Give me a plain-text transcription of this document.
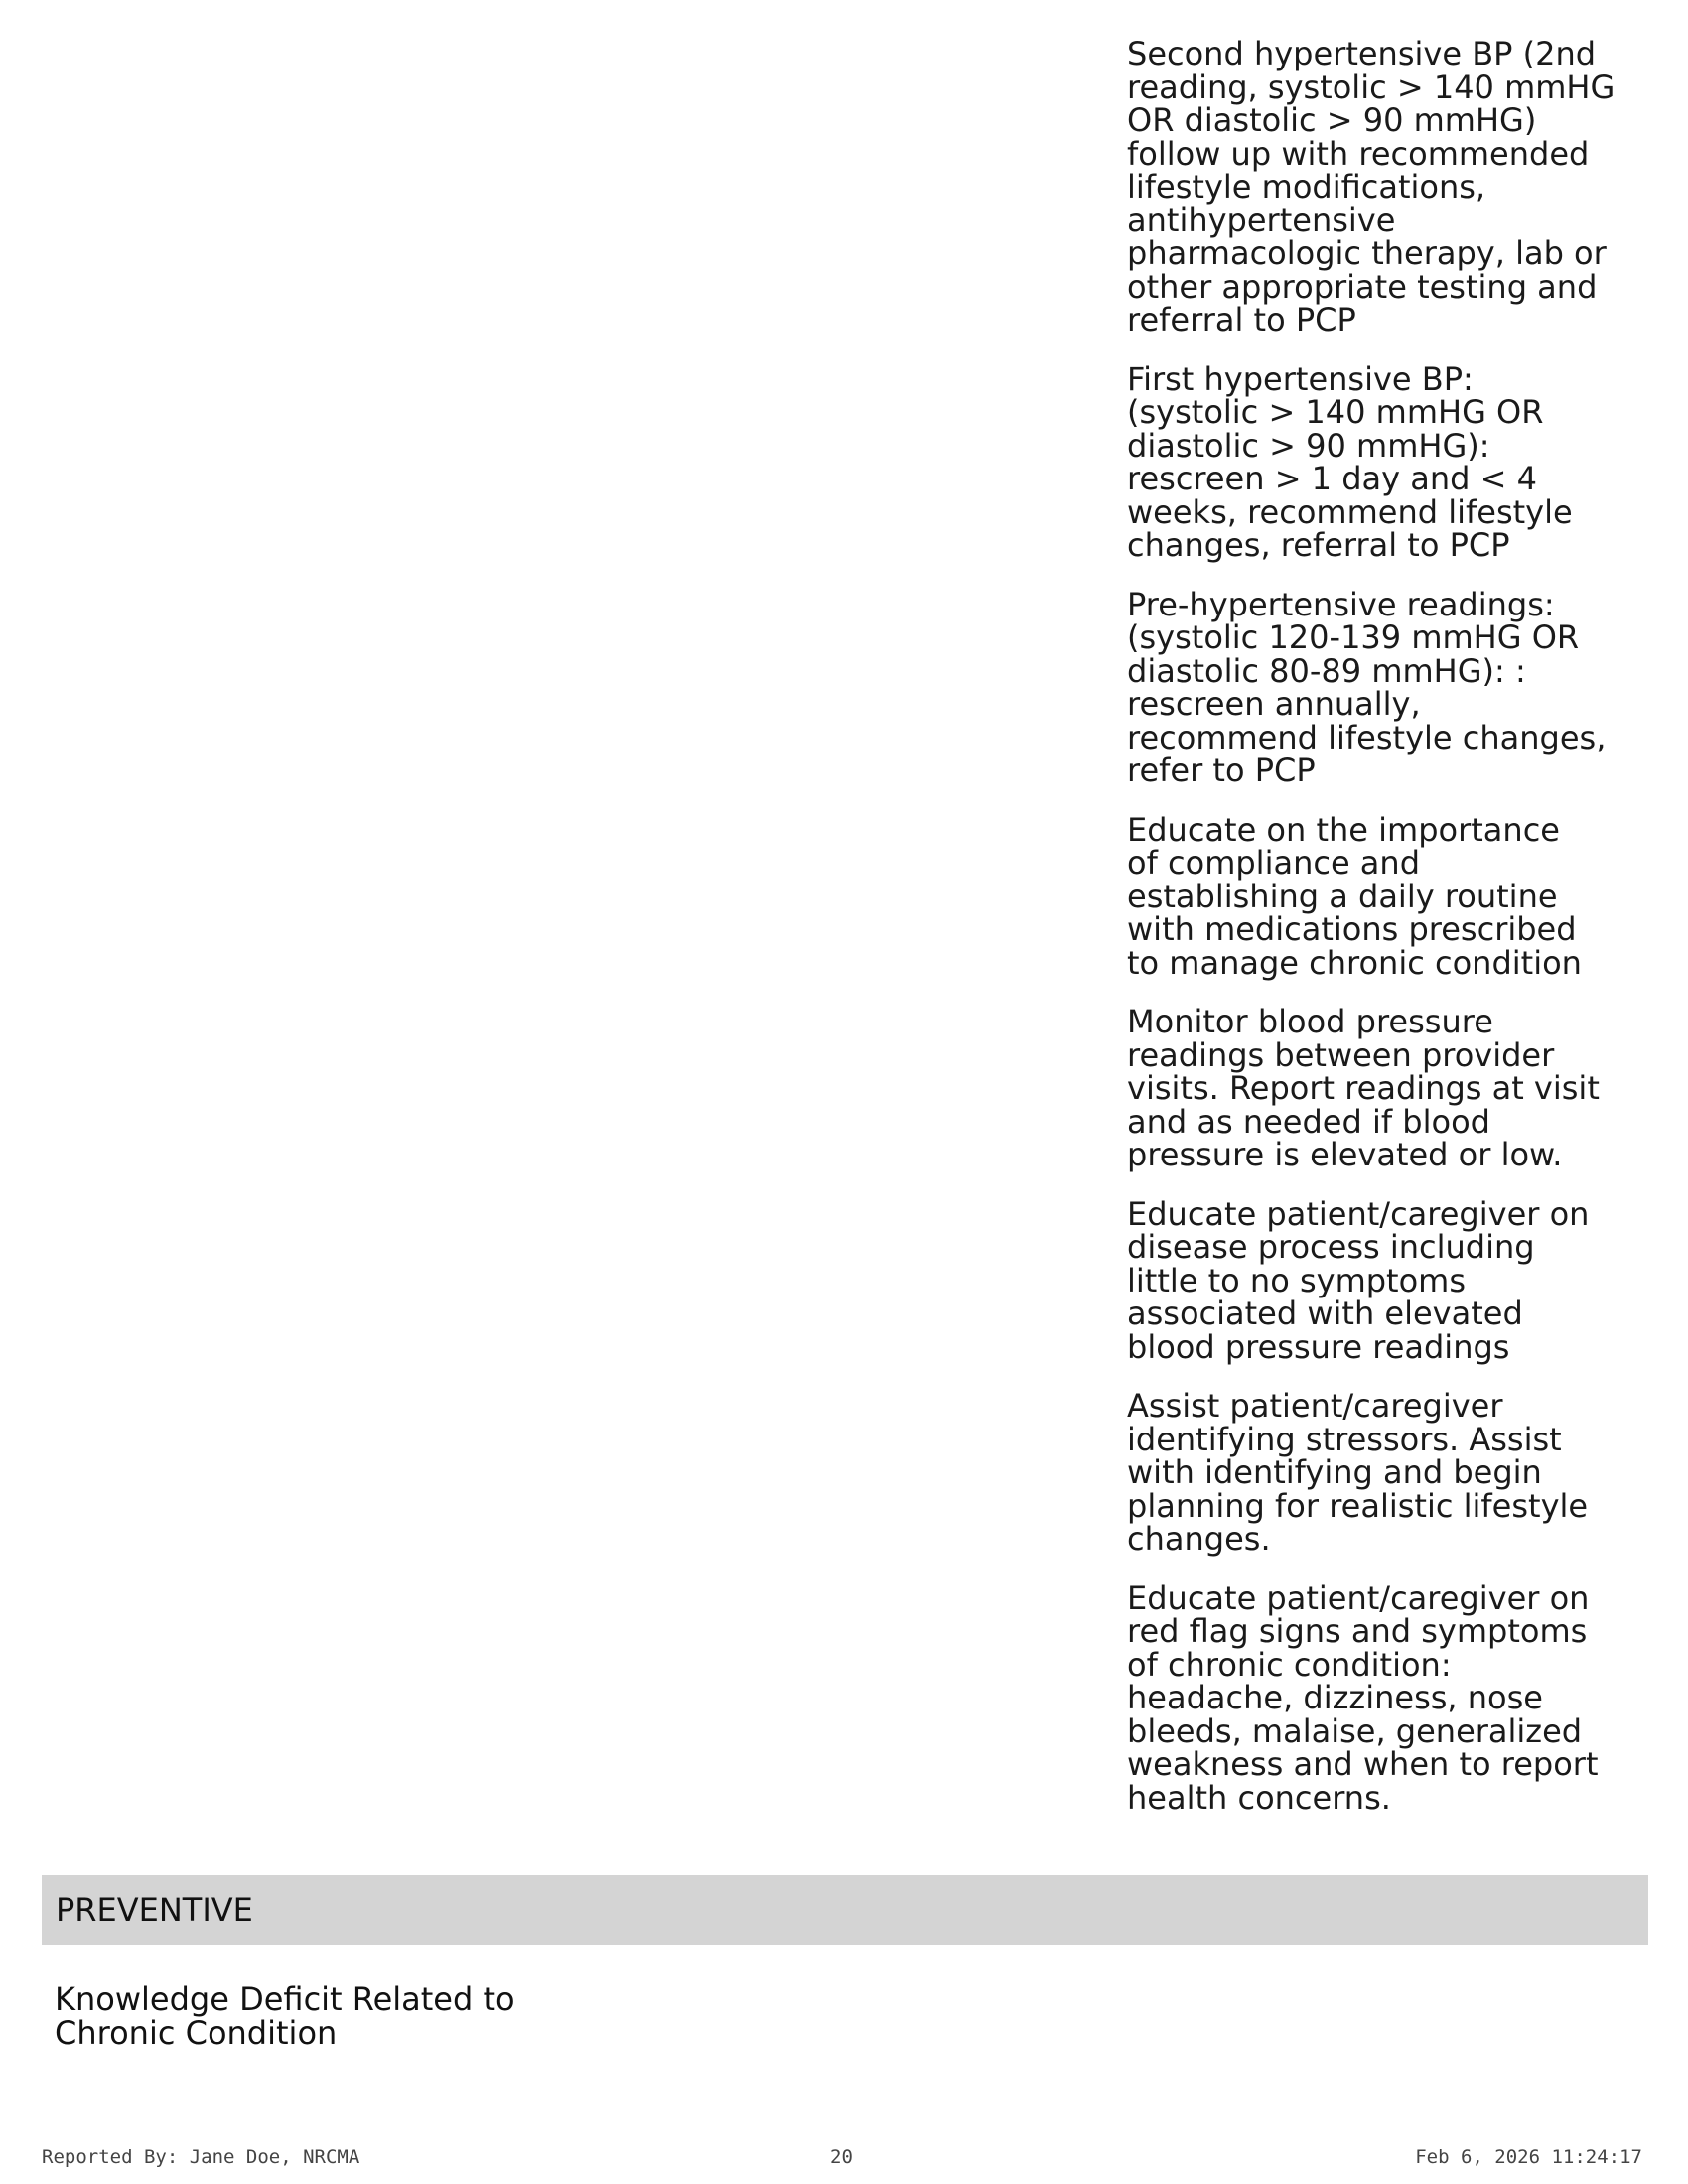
Second hypertensive BP (2nd
reading, systolic > 140 mmHG
OR diastolic > 90 mmHG)
follow up with recommended
lifestyle modifications,
antihypertensive
pharmacologic therapy, lab or
other appropriate testing and
referral to PCP
First hypertensive BP:
(systolic > 140 mmHG OR
diastolic > 90 mmHG):
rescreen > 1 day and < 4
weeks, recommend lifestyle
changes, referral to PCP
Pre-hypertensive readings:
(systolic 120-139 mmHG OR
diastolic 80-89 mmHG): :
rescreen annually,
recommend lifestyle changes,
refer to PCP
Educate on the importance
of compliance and
establishing a daily routine
with medications prescribed
to manage chronic condition
Monitor blood pressure
readings between provider
visits. Report readings at visit
and as needed if blood
pressure is elevated or low.
Educate patient/caregiver on
disease process including
little to no symptoms
associated with elevated
blood pressure readings
Assist patient/caregiver
identifying stressors. Assist
with identifying and begin
planning for realistic lifestyle
changes.
Educate patient/caregiver on
red flag signs and symptoms
of chronic condition:
headache, dizziness, nose
bleeds, malaise, generalized
weakness and when to report
health concerns.
PREVENTIVE
Knowledge Deficit Related to
Chronic Condition
Reported By: Jane Doe, NRCMA	20	Feb 6, 2026 11:24:17
